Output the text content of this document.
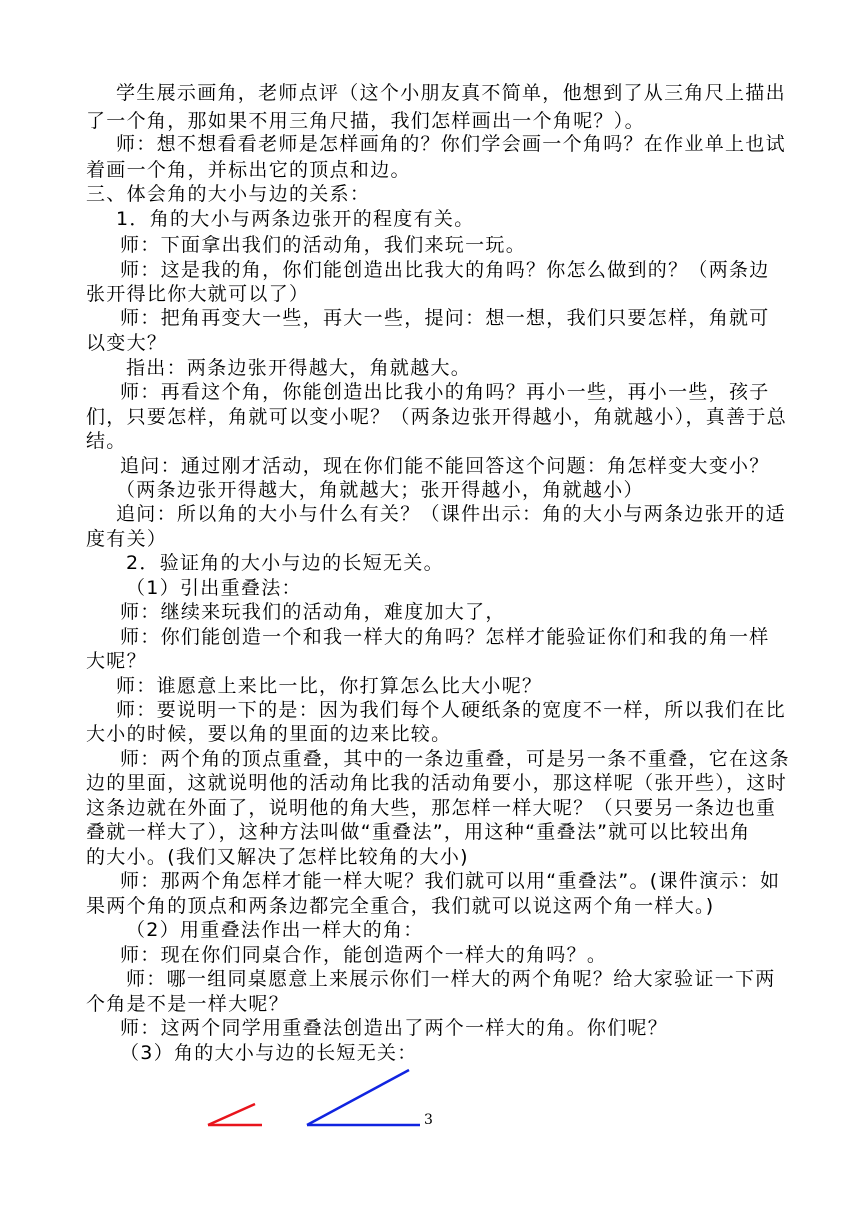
学生展示画角，老师点评（这个小朋友真不简单，他想到了从三角尺上描出

了一个角，那如果不用三角尺描，我们怎样画出一个角呢？）。

师：想不想看看老师是怎样画角的？你们学会画一个角吗？在作业单上也试

着画一个角，并标出它的顶点和边。

三、体会角的大小与边的关系：

1．角的大小与两条边张开的程度有关。

师：下面拿出我们的活动角，我们来玩一玩。

师：这是我的角，你们能创造出比我大的角吗？你怎么做到的？（两条边

张开得比你大就可以了）

师：把角再变大一些，再大一些，提问：想一想，我们只要怎样，角就可

以变大？

指出：两条边张开得越大，角就越大。

师：再看这个角，你能创造出比我小的角吗？再小一些，再小一些，孩子

们，只要怎样，角就可以变小呢？（两条边张开得越小，角就越小），真善于总

结。

追问：通过刚才活动，现在你们能不能回答这个问题：角怎样变大变小？

（两条边张开得越大，角就越大；张开得越小，角就越小）

追问：所以角的大小与什么有关？（课件出示：角的大小与两条边张开的适

度有关）

2．验证角的大小与边的长短无关。

（1）引出重叠法：

师：继续来玩我们的活动角，难度加大了，

师：你们能创造一个和我一样大的角吗？怎样才能验证你们和我的角一样

大呢？

师：谁愿意上来比一比，你打算怎么比大小呢？

师：要说明一下的是：因为我们每个人硬纸条的宽度不一样，所以我们在比

大小的时候，要以角的里面的边来比较。

师：两个角的顶点重叠，其中的一条边重叠，可是另一条不重叠，它在这条

边的里面，这就说明他的活动角比我的活动角要小，那这样呢（张开些），这时

这条边就在外面了，说明他的角大些，那怎样一样大呢？（只要另一条边也重

叠就一样大了），这种方法叫做“重叠法”，用这种“重叠法”就可以比较出角

的大小。(我们又解决了怎样比较角的大小)

师：那两个角怎样才能一样大呢？我们就可以用“重叠法”。(课件演示：如

果两个角的顶点和两条边都完全重合，我们就可以说这两个角一样大。)

（2）用重叠法作出一样大的角：

师：现在你们同桌合作，能创造两个一样大的角吗？。

师：哪一组同桌愿意上来展示你们一样大的两个角呢？给大家验证一下两

个角是不是一样大呢？

师：这两个同学用重叠法创造出了两个一样大的角。你们呢？

（3）角的大小与边的长短无关：

3
